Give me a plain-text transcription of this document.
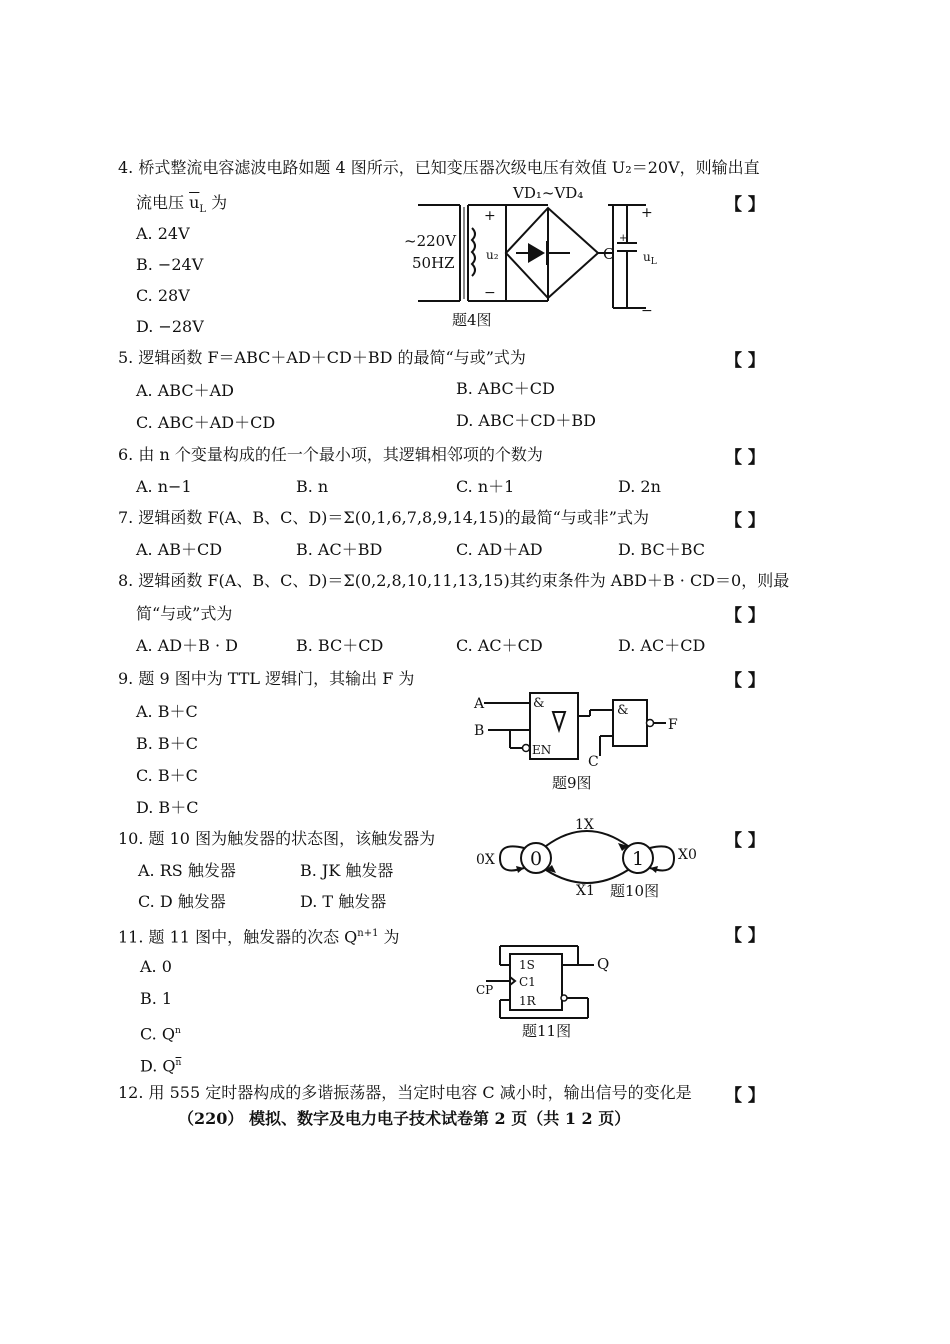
4. 桥式整流电容滤波电路如题 4 图所示，已知变压器次级电压有效值 U₂＝20V，则输出直
流电压 $\overline{u}_L$ 为	【 】
A. 24V
B. −24V
C. 28V
D. −28V
VD₁~VD₄
~220V
50HZ	u₂	C $u_L$
+
−
+
−
+
题4图
5. 逻辑函数 F＝ABC＋AD＋CD＋BD 的最简“与或”式为	【 】
A. ABC＋AD	B. ABC＋CD
C. ABC＋AD＋CD	D. ABC＋CD＋BD
6. 由 n 个变量构成的任一个最小项，其逻辑相邻项的个数为	【 】
A. n−1	B. n	C. n＋1	D. 2n
7. 逻辑函数 F(A、B、C、D)＝Σ(0,1,6,7,8,9,14,15)的最简“与或非”式为	【 】
A. AB＋CD	B. AC＋BD	C. AD＋AD	D. BC＋BC
8. 逻辑函数 F(A、B、C、D)＝Σ(0,2,8,10,11,13,15)其约束条件为 ABD＋B · CD＝0，则最
简“与或”式为	【 】
A. AD＋B · D	B. BC＋CD	C. AC＋CD	D. AC＋CD
9. 题 9 图中为 TTL 逻辑门，其输出 F 为	【 】
A. B＋C
B. B＋C
C. B＋C
D. B＋C
A
B
C
F
&	&
EN
题9图
10. 题 10 图为触发器的状态图，该触发器为	【 】
A. RS 触发器	B. JK 触发器
C. D 触发器	D. T 触发器
0	1
1X
X1
0X	X0
题10图
11. 题 11 图中，触发器的次态 $Q^{n+1}$ 为	【 】
A. 0
B. 1
C. $Q^n$
D. $Q^{\overline{n}}$
1S
C1
1R
CP
Q
题11图
12. 用 555 定时器构成的多谐振荡器，当定时电容 C 减小时，输出信号的变化是 【 】
（220） 模拟、数字及电力电子技术试卷第 2 页（共 1 2 页）
